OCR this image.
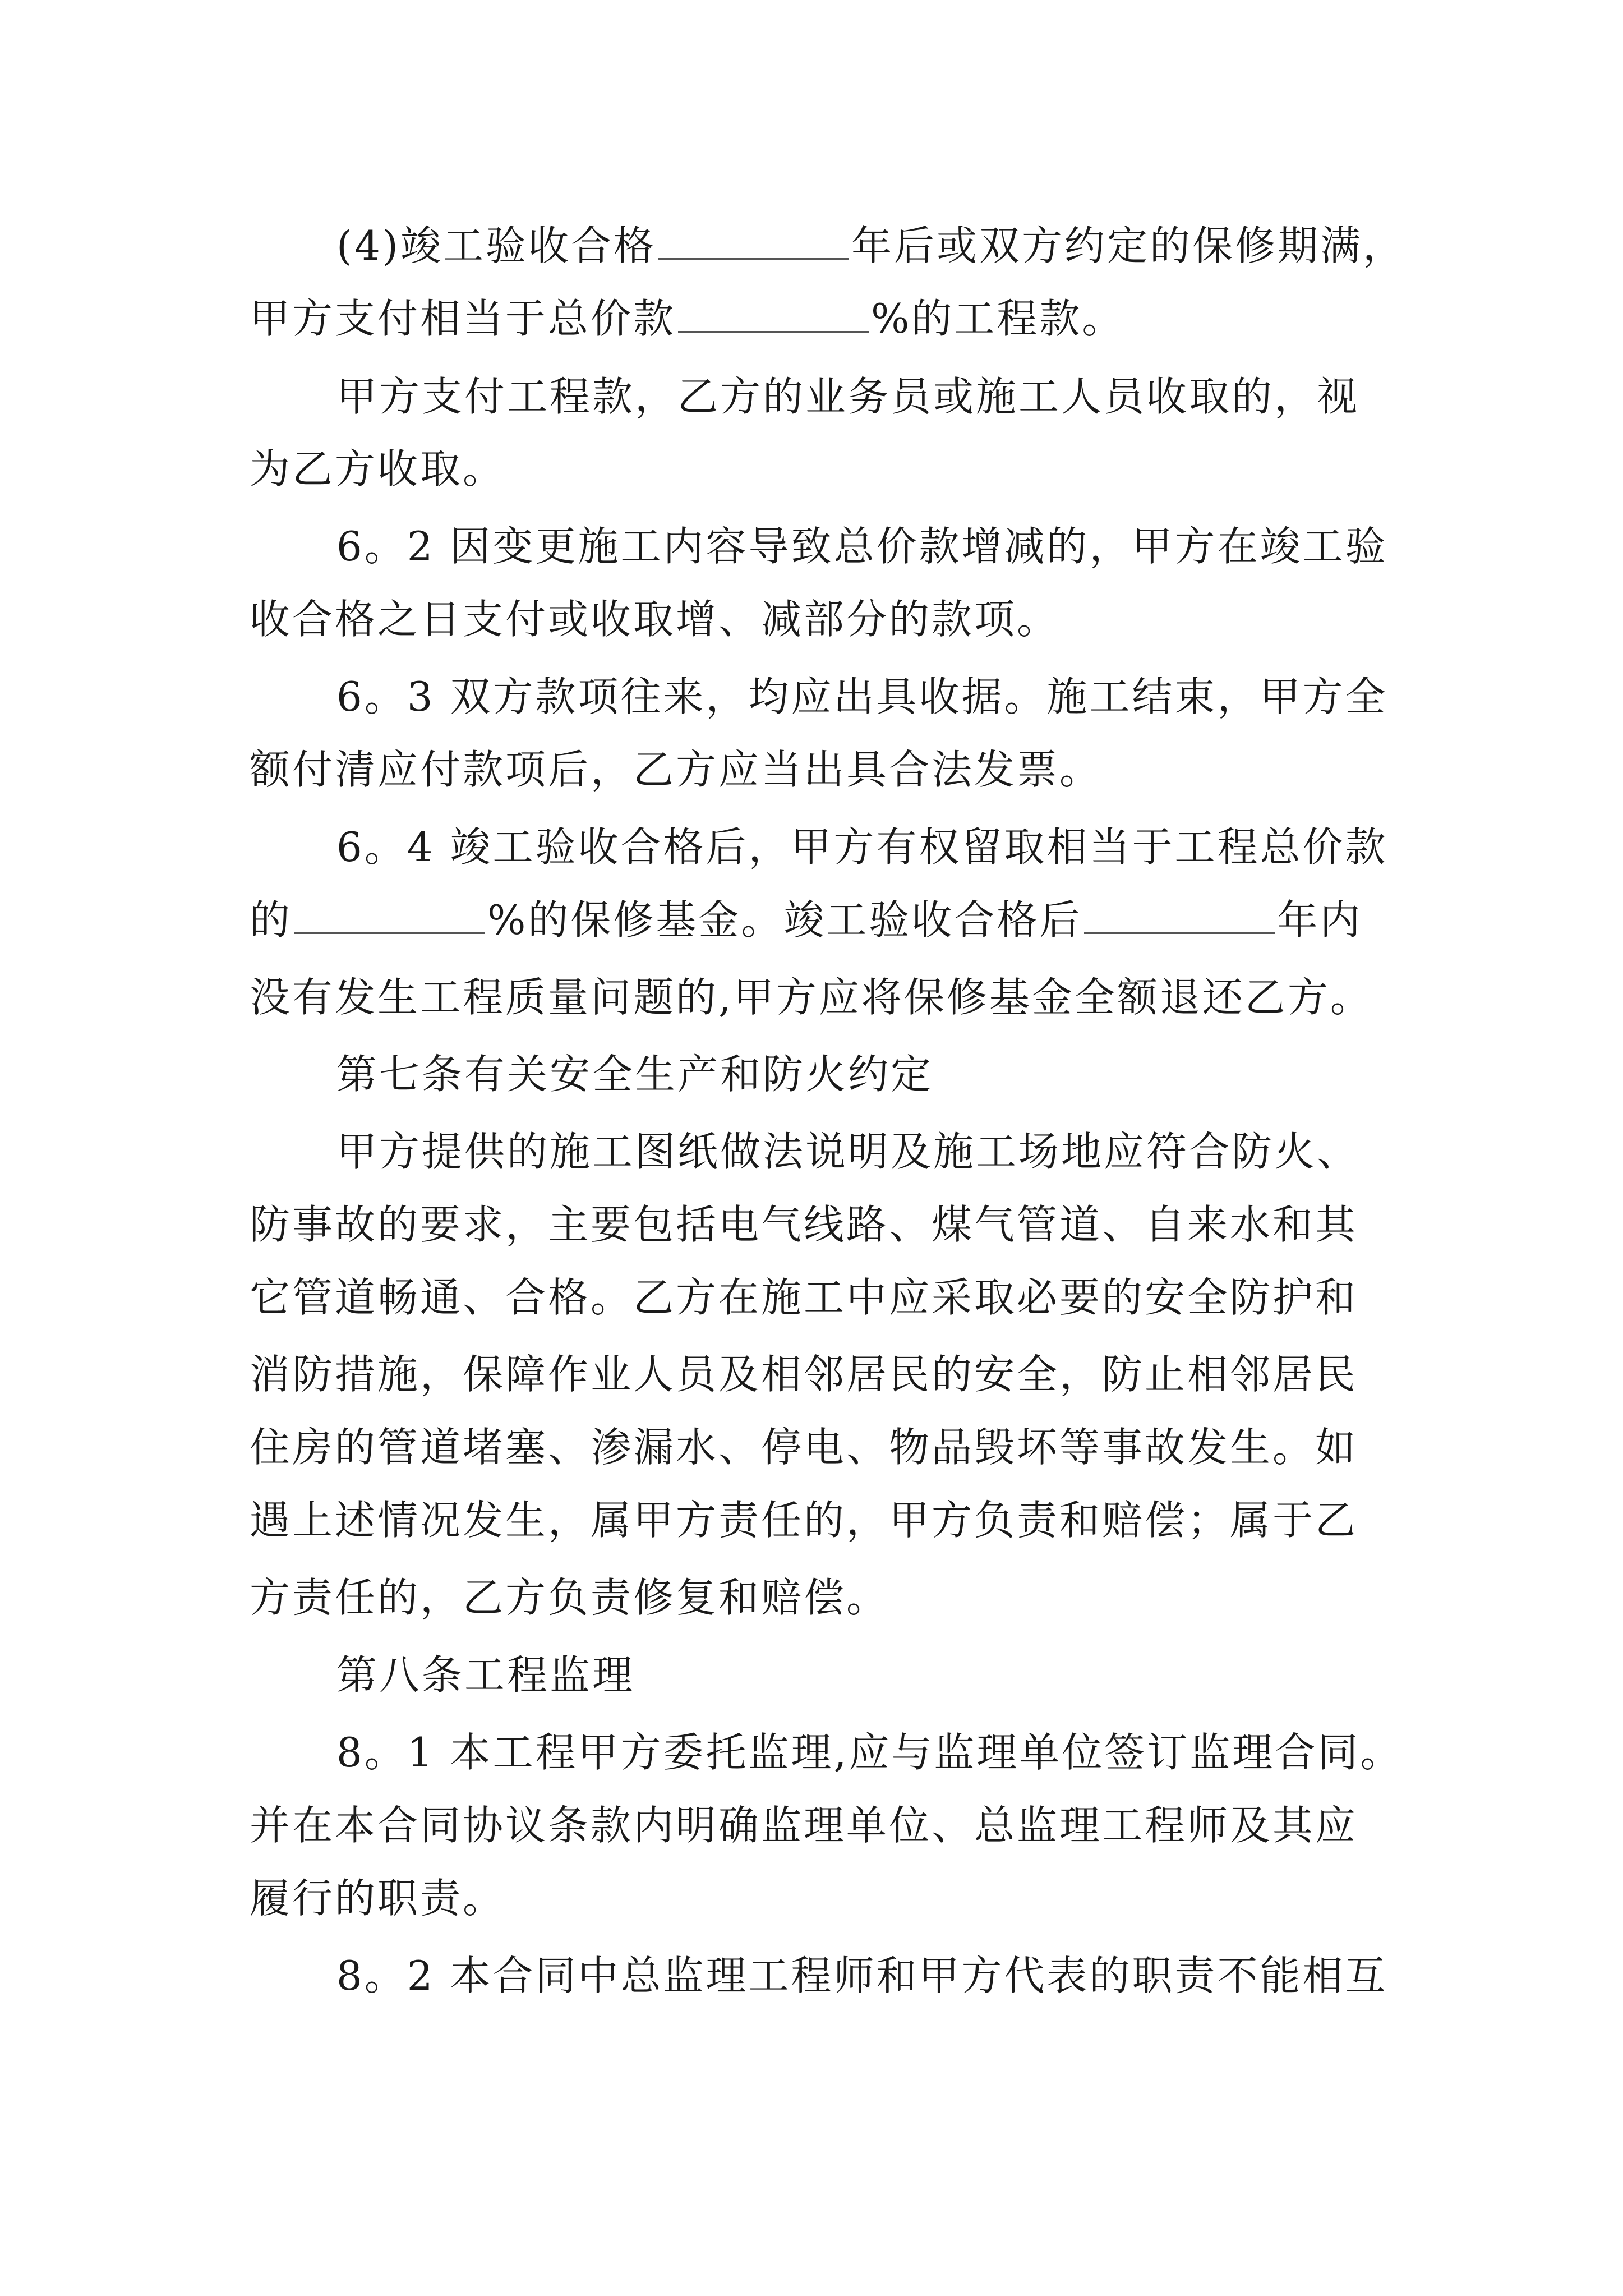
(4)竣工验收合格	年后或双方约定的保修期满，
甲方支付相当于总价款	%的工程款。
甲方支付工程款，乙方的业务员或施工人员收取的，视
为乙方收取。
6。2 因变更施工内容导致总价款增减的，甲方在竣工验
收合格之日支付或收取增、减部分的款项。
6。3 双方款项往来，均应出具收据。施工结束，甲方全
额付清应付款项后，乙方应当出具合法发票。
6。4 竣工验收合格后，甲方有权留取相当于工程总价款
的	%的保修基金。竣工验收合格后	年内
没有发生工程质量问题的,甲方应将保修基金全额退还乙方。
第七条有关安全生产和防火约定
甲方提供的施工图纸做法说明及施工场地应符合防火、
防事故的要求，主要包括电气线路、煤气管道、自来水和其
它管道畅通、合格。乙方在施工中应采取必要的安全防护和
消防措施，保障作业人员及相邻居民的安全，防止相邻居民
住房的管道堵塞、渗漏水、停电、物品毁坏等事故发生。如
遇上述情况发生，属甲方责任的，甲方负责和赔偿；属于乙
方责任的，乙方负责修复和赔偿。
第八条工程监理
8。1 本工程甲方委托监理,应与监理单位签订监理合同。
并在本合同协议条款内明确监理单位、总监理工程师及其应
履行的职责。
8。2 本合同中总监理工程师和甲方代表的职责不能相互
